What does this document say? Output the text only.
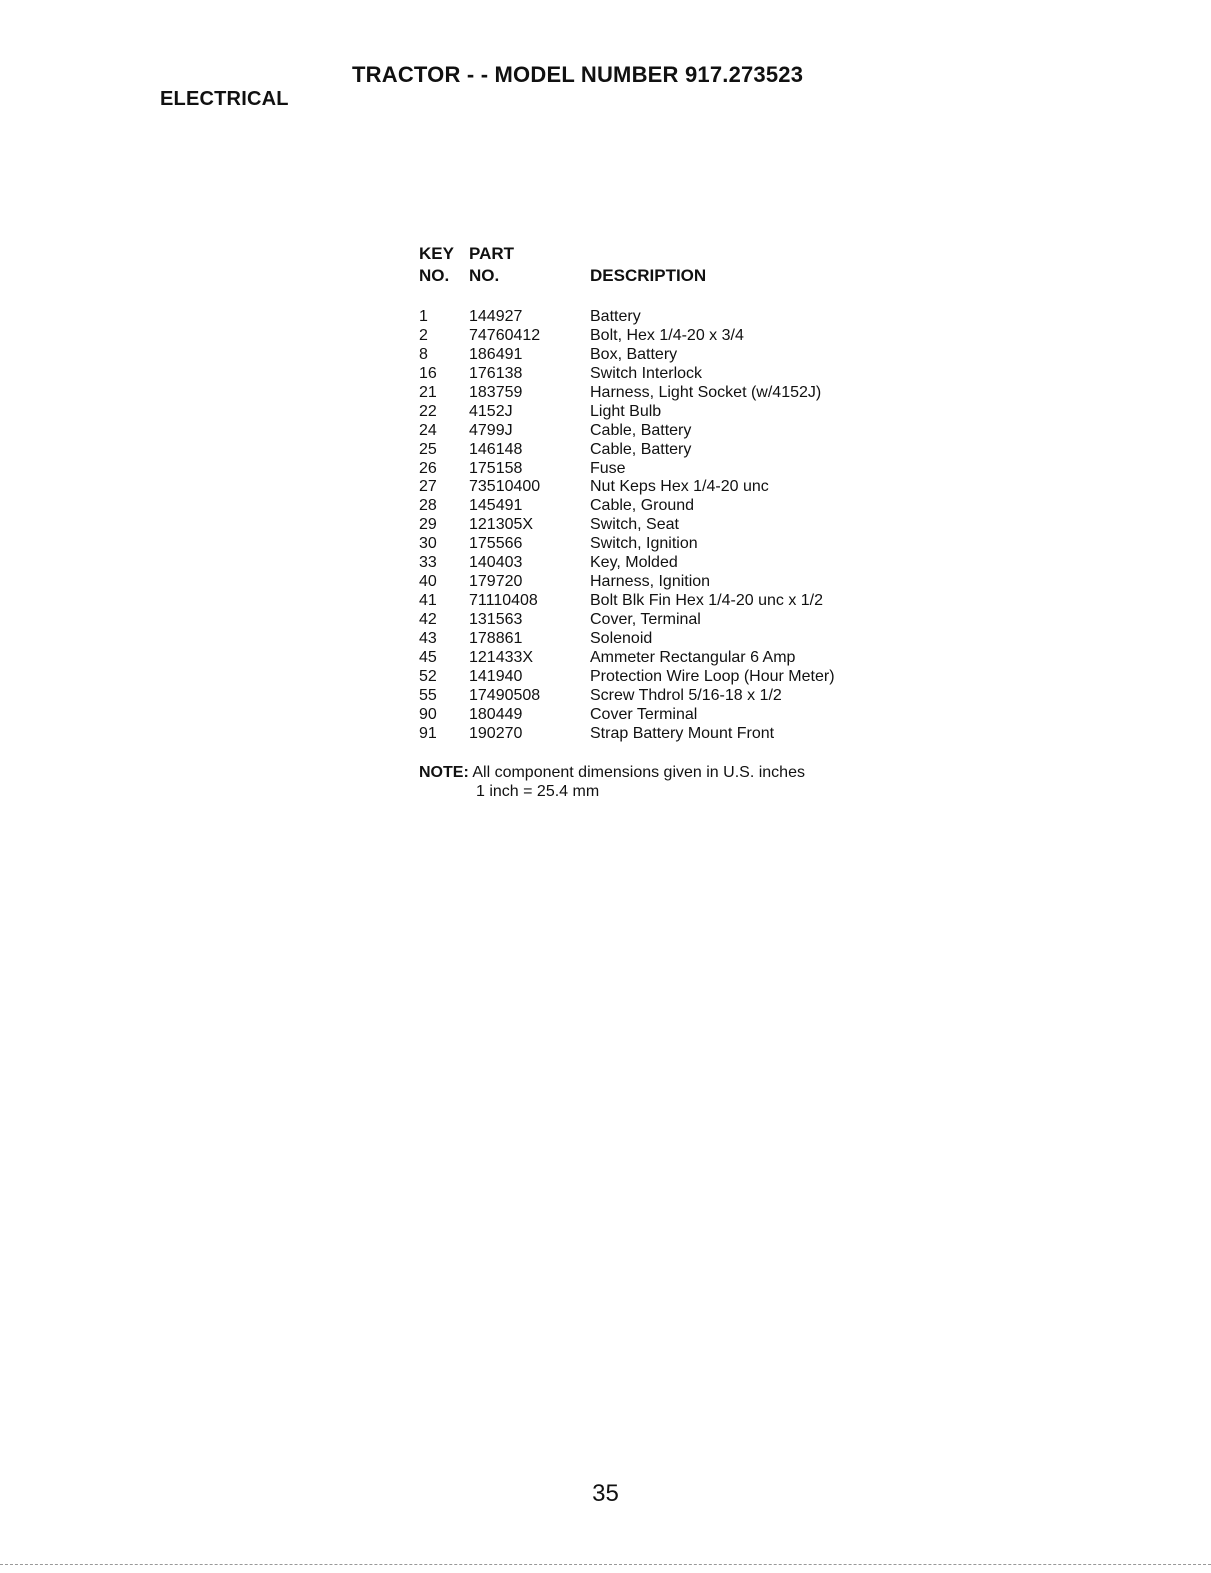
TRACTOR - - MODEL NUMBER 917.273523
ELECTRICAL
KEY PART
NO. NO.	DESCRIPTION
1	144927	Battery
2	74760412	Bolt, Hex 1/4-20 x 3/4
8	186491	Box, Battery
16 176138	Switch Interlock
21 183759	Harness, Light Socket (w/4152J)
22 4152J	Light Bulb
24 4799J	Cable, Battery
25 146148	Cable, Battery
26 175158	Fuse
27 73510400	Nut Keps Hex 1/4-20 unc
28 145491	Cable, Ground
29 121305X	Switch, Seat
30 175566	Switch, Ignition
33 140403	Key, Molded
40 179720	Harness, Ignition
41 71110408	Bolt Blk Fin Hex 1/4-20 unc x 1/2
42 131563	Cover, Terminal
43 178861	Solenoid
45 121433X	Ammeter Rectangular 6 Amp
52 141940	Protection Wire Loop (Hour Meter)
55 17490508	Screw Thdrol 5/16-18 x 1/2
90 180449	Cover Terminal
91 190270	Strap Battery Mount Front
NOTE: All component dimensions given in U.S. inches
1 inch = 25.4 mm
35
